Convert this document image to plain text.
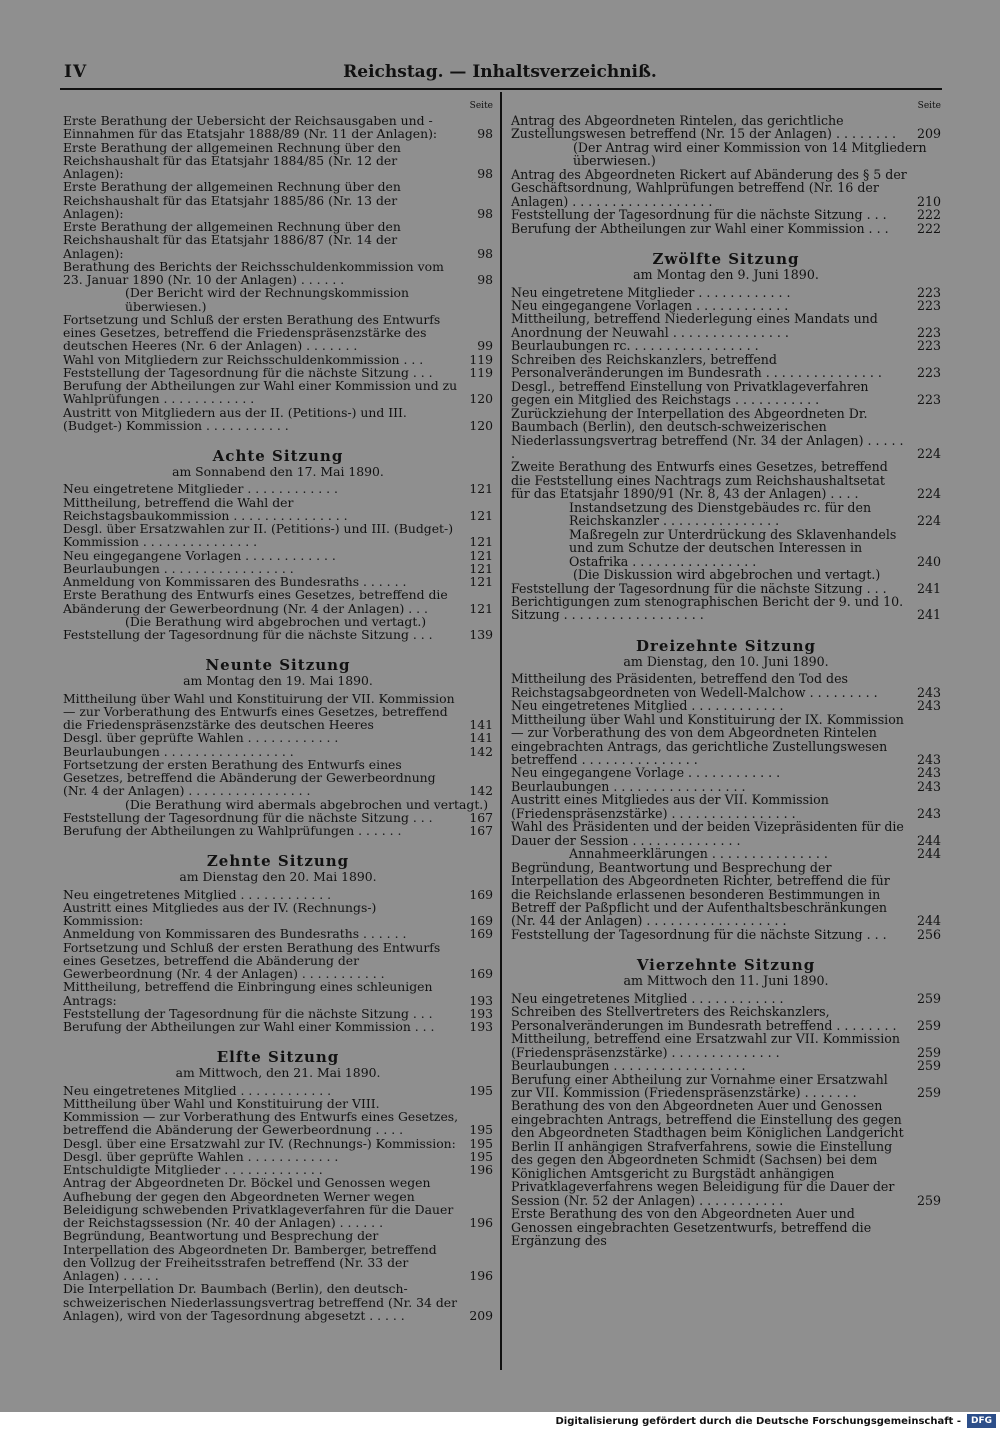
IV	Reichstag. — Inhaltsverzeichniß.
Seite
Erste Berathung der Uebersicht der Reichsausgaben und -Einnahmen für das Etatsjahr 1888/89 (Nr. 11 der Anlagen):	98
Erste Berathung der allgemeinen Rechnung über den Reichshaushalt für das Etatsjahr 1884/85 (Nr. 12 der Anlagen):	98
Erste Berathung der allgemeinen Rechnung über den Reichshaushalt für das Etatsjahr 1885/86 (Nr. 13 der Anlagen):	98
Erste Berathung der allgemeinen Rechnung über den Reichshaushalt für das Etatsjahr 1886/87 (Nr. 14 der Anlagen):	98
Berathung des Berichts der Reichsschuldenkommission vom 23. Januar 1890 (Nr. 10 der Anlagen) . . . . . .	98
(Der Bericht wird der Rechnungskommission überwiesen.)
Fortsetzung und Schluß der ersten Berathung des Entwurfs eines Gesetzes, betreffend die Friedenspräsenzstärke des deutschen Heeres (Nr. 6 der Anlagen) . . . . . . .	99
Wahl von Mitgliedern zur Reichsschuldenkommission . . .	119
Feststellung der Tagesordnung für die nächste Sitzung . . .	119
Berufung der Abtheilungen zur Wahl einer Kommission und zu Wahlprüfungen . . . . . . . . . . . .	120
Austritt von Mitgliedern aus der II. (Petitions-) und III. (Budget-) Kommission . . . . . . . . . . .	120
Achte Sitzung
am Sonnabend den 17. Mai 1890.
Neu eingetretene Mitglieder . . . . . . . . . . . .	121
Mittheilung, betreffend die Wahl der Reichstagsbaukommission . . . . . . . . . . . . . . .	121
Desgl. über Ersatzwahlen zur II. (Petitions-) und III. (Budget-) Kommission . . . . . . . . . . . . . . .	121
Neu eingegangene Vorlagen . . . . . . . . . . . .	121
Beurlaubungen . . . . . . . . . . . . . . . . .	121
Anmeldung von Kommissaren des Bundesraths . . . . . .	121
Erste Berathung des Entwurfs eines Gesetzes, betreffend die Abänderung der Gewerbeordnung (Nr. 4 der Anlagen) . . .	121
(Die Berathung wird abgebrochen und vertagt.)
Feststellung der Tagesordnung für die nächste Sitzung . . .	139
Neunte Sitzung
am Montag den 19. Mai 1890.
Mittheilung über Wahl und Konstituirung der VII. Kommission — zur Vorberathung des Entwurfs eines Gesetzes, betreffend die Friedenspräsenzstärke des deutschen Heeres	141
Desgl. über geprüfte Wahlen . . . . . . . . . . . .	141
Beurlaubungen . . . . . . . . . . . . . . . . .	142
Fortsetzung der ersten Berathung des Entwurfs eines Gesetzes, betreffend die Abänderung der Gewerbeordnung (Nr. 4 der Anlagen) . . . . . . . . . . . . . . . .	142
(Die Berathung wird abermals abgebrochen und vertagt.)
Feststellung der Tagesordnung für die nächste Sitzung . . .	167
Berufung der Abtheilungen zu Wahlprüfungen . . . . . .	167
Zehnte Sitzung
am Dienstag den 20. Mai 1890.
Neu eingetretenes Mitglied . . . . . . . . . . . .	169
Austritt eines Mitgliedes aus der IV. (Rechnungs-) Kommission:	169
Anmeldung von Kommissaren des Bundesraths . . . . . .	169
Fortsetzung und Schluß der ersten Berathung des Entwurfs eines Gesetzes, betreffend die Abänderung der Gewerbeordnung (Nr. 4 der Anlagen) . . . . . . . . . . .	169
Mittheilung, betreffend die Einbringung eines schleunigen Antrags:	193
Feststellung der Tagesordnung für die nächste Sitzung . . .	193
Berufung der Abtheilungen zur Wahl einer Kommission . . .	193
Elfte Sitzung
am Mittwoch, den 21. Mai 1890.
Neu eingetretenes Mitglied . . . . . . . . . . . .	195
Mittheilung über Wahl und Konstituirung der VIII. Kommission — zur Vorberathung des Entwurfs eines Gesetzes, betreffend die Abänderung der Gewerbeordnung . . . .	195
Desgl. über eine Ersatzwahl zur IV. (Rechnungs-) Kommission:	195
Desgl. über geprüfte Wahlen . . . . . . . . . . . .	195
Entschuldigte Mitglieder . . . . . . . . . . . . .	196
Antrag der Abgeordneten Dr. Böckel und Genossen wegen Aufhebung der gegen den Abgeordneten Werner wegen Beleidigung schwebenden Privatklageverfahren für die Dauer der Reichstagssession (Nr. 40 der Anlagen) . . . . . .	196
Begründung, Beantwortung und Besprechung der Interpellation des Abgeordneten Dr. Bamberger, betreffend den Vollzug der Freiheitsstrafen betreffend (Nr. 33 der Anlagen) . . . . .	196
Die Interpellation Dr. Baumbach (Berlin), den deutsch-schweizerischen Niederlassungsvertrag betreffend (Nr. 34 der Anlagen), wird von der Tagesordnung abgesetzt . . . . .	209
Seite
Antrag des Abgeordneten Rintelen, das gerichtliche Zustellungswesen betreffend (Nr. 15 der Anlagen) . . . . . . . .	209
(Der Antrag wird einer Kommission von 14 Mitgliedern überwiesen.)
Antrag des Abgeordneten Rickert auf Abänderung des § 5 der Geschäftsordnung, Wahlprüfungen betreffend (Nr. 16 der Anlagen) . . . . . . . . . . . . . . . . . .	210
Feststellung der Tagesordnung für die nächste Sitzung . . .	222
Berufung der Abtheilungen zur Wahl einer Kommission . . .	222
Zwölfte Sitzung
am Montag den 9. Juni 1890.
Neu eingetretene Mitglieder . . . . . . . . . . . .	223
Neu eingegangene Vorlagen . . . . . . . . . . . .	223
Mittheilung, betreffend Niederlegung eines Mandats und Anordnung der Neuwahl . . . . . . . . . . . . . . .	223
Beurlaubungen rc. . . . . . . . . . . . . . . . .	223
Schreiben des Reichskanzlers, betreffend Personalveränderungen im Bundesrath . . . . . . . . . . . . . . .	223
Desgl., betreffend Einstellung von Privatklageverfahren gegen ein Mitglied des Reichstags . . . . . . . . . . .	223
Zurückziehung der Interpellation des Abgeordneten Dr. Baumbach (Berlin), den deutsch-schweizerischen Niederlassungsvertrag betreffend (Nr. 34 der Anlagen) . . . . . .	224
Zweite Berathung des Entwurfs eines Gesetzes, betreffend die Feststellung eines Nachtrags zum Reichshaushaltsetat für das Etatsjahr 1890/91 (Nr. 8, 43 der Anlagen) . . . .	224
Instandsetzung des Dienstgebäudes rc. für den Reichskanzler . . . . . . . . . . . . . . .	224
Maßregeln zur Unterdrückung des Sklavenhandels und zum Schutze der deutschen Interessen in Ostafrika . . . . . . . . . . . . . . . .	240
(Die Diskussion wird abgebrochen und vertagt.)
Feststellung der Tagesordnung für die nächste Sitzung . . .	241
Berichtigungen zum stenographischen Bericht der 9. und 10. Sitzung . . . . . . . . . . . . . . . . . .	241
Dreizehnte Sitzung
am Dienstag, den 10. Juni 1890.
Mittheilung des Präsidenten, betreffend den Tod des Reichstagsabgeordneten von Wedell-Malchow . . . . . . . . .	243
Neu eingetretenes Mitglied . . . . . . . . . . . .	243
Mittheilung über Wahl und Konstituirung der IX. Kommission — zur Vorberathung des von dem Abgeordneten Rintelen eingebrachten Antrags, das gerichtliche Zustellungswesen betreffend . . . . . . . . . . . . . . .	243
Neu eingegangene Vorlage . . . . . . . . . . . .	243
Beurlaubungen . . . . . . . . . . . . . . . . .	243
Austritt eines Mitgliedes aus der VII. Kommission (Friedenspräsenzstärke) . . . . . . . . . . . . . . . .	243
Wahl des Präsidenten und der beiden Vizepräsidenten für die Dauer der Session . . . . . . . . . . . . . .	244
Annahmeerklärungen . . . . . . . . . . . . . . .	244
Begründung, Beantwortung und Besprechung der Interpellation des Abgeordneten Richter, betreffend die für die Reichslande erlassenen besonderen Bestimmungen in Betreff der Paßpflicht und der Aufenthaltsbeschränkungen (Nr. 44 der Anlagen) . . . . . . . . . . . . . . . . . .	244
Feststellung der Tagesordnung für die nächste Sitzung . . .	256
Vierzehnte Sitzung
am Mittwoch den 11. Juni 1890.
Neu eingetretenes Mitglied . . . . . . . . . . . .	259
Schreiben des Stellvertreters des Reichskanzlers, Personalveränderungen im Bundesrath betreffend . . . . . . . .	259
Mittheilung, betreffend eine Ersatzwahl zur VII. Kommission (Friedenspräsenzstärke) . . . . . . . . . . . . . .	259
Beurlaubungen . . . . . . . . . . . . . . . . .	259
Berufung einer Abtheilung zur Vornahme einer Ersatzwahl zur VII. Kommission (Friedenspräsenzstärke) . . . . . . .	259
Berathung des von den Abgeordneten Auer und Genossen eingebrachten Antrags, betreffend die Einstellung des gegen den Abgeordneten Stadthagen beim Königlichen Landgericht Berlin II anhängigen Strafverfahrens, sowie die Einstellung des gegen den Abgeordneten Schmidt (Sachsen) bei dem Königlichen Amtsgericht zu Burgstädt anhängigen Privatklageverfahrens wegen Beleidigung für die Dauer der Session (Nr. 52 der Anlagen) . . . . . . . . . . .	259
Erste Berathung des von den Abgeordneten Auer und Genossen eingebrachten Gesetzentwurfs, betreffend die Ergänzung des
Digitalisierung gefördert durch die Deutsche Forschungsgemeinschaft - DFG
